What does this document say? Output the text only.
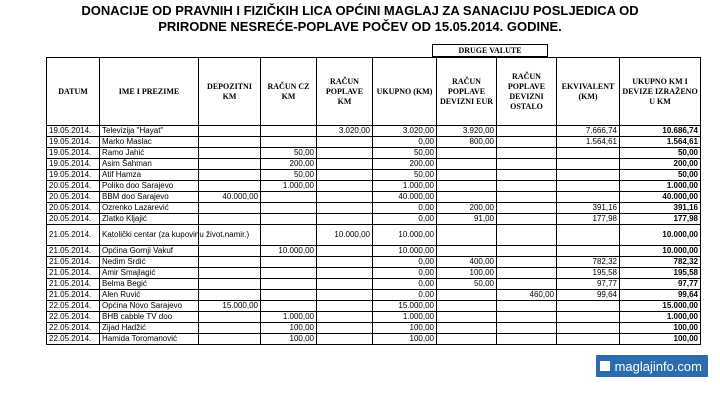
DONACIJE OD PRAVNIH I FIZIČKIH LICA OPĆINI MAGLAJ ZA SANACIJU POSLJEDICA OD
PRIRODNE NESREĆE-POPLAVE POČEV OD 15.05.2014. GODINE.
DRUGE VALUTE
DATUM	IME I PREZIME	DEPOZITNI KM	RAČUN CZ KM	RAČUN POPLAVE KM	UKUPNO (KM)	RAČUN POPLAVE DEVIZNI EUR	RAČUN POPLAVE DEVIZNI OSTALO	EKVIVALENT (KM)	UKUPNO KM I DEVIZE IZRAŽENO U KM
19.05.2014.	Televizija "Hayat"			3.020,00	3.020,00	3.920,00		7.666,74	10.686,74
19.05.2014.	Marko Maslac				0,00	800,00		1.564,61	1.564,61
19.05.2014.	Ramo Jahić		50,00		50,00				50,00
19.05.2014.	Asim Šahman		200,00		200,00				200,00
19.05.2014.	Atif Hamza		50,00		50,00				50,00
20.05.2014.	Poliko doo Sarajevo		1.000,00		1.000,00				1.000,00
20.05.2014.	BBM doo Sarajevo	40.000,00			40.000,00				40.000,00
20.05.2014.	Ozrenko Lazarević				0,00	200,00		391,16	391,16
20.05.2014.	Zlatko Kljajić				0,00	91,00		177,98	177,98
21.05.2014.	Katolički centar (za kupovinu život.namir.)			10.000,00	10.000,00				10.000,00
21.05.2014.	Općina Gornji Vakuf		10.000,00		10.000,00				10.000,00
21.05.2014.	Nedim Srdić				0,00	400,00		782,32	782,32
21.05.2014.	Amir Smajlagić				0,00	100,00		195,58	195,58
21.05.2014.	Belma Begić				0,00	50,00		97,77	97,77
21.05.2014.	Alen Ruvić				0,00		460,00	99,64	99,64
22.05.2014.	Općina Novo Sarajevo	15.000,00			15.000,00				15.000,00
22.05.2014.	BHB cabble TV doo		1.000,00		1.000,00				1.000,00
22.05.2014.	Zijad Hadžić		100,00		100,00				100,00
22.05.2014.	Hamida Toromanović		100,00		100,00				100,00
maglajinfo.com
